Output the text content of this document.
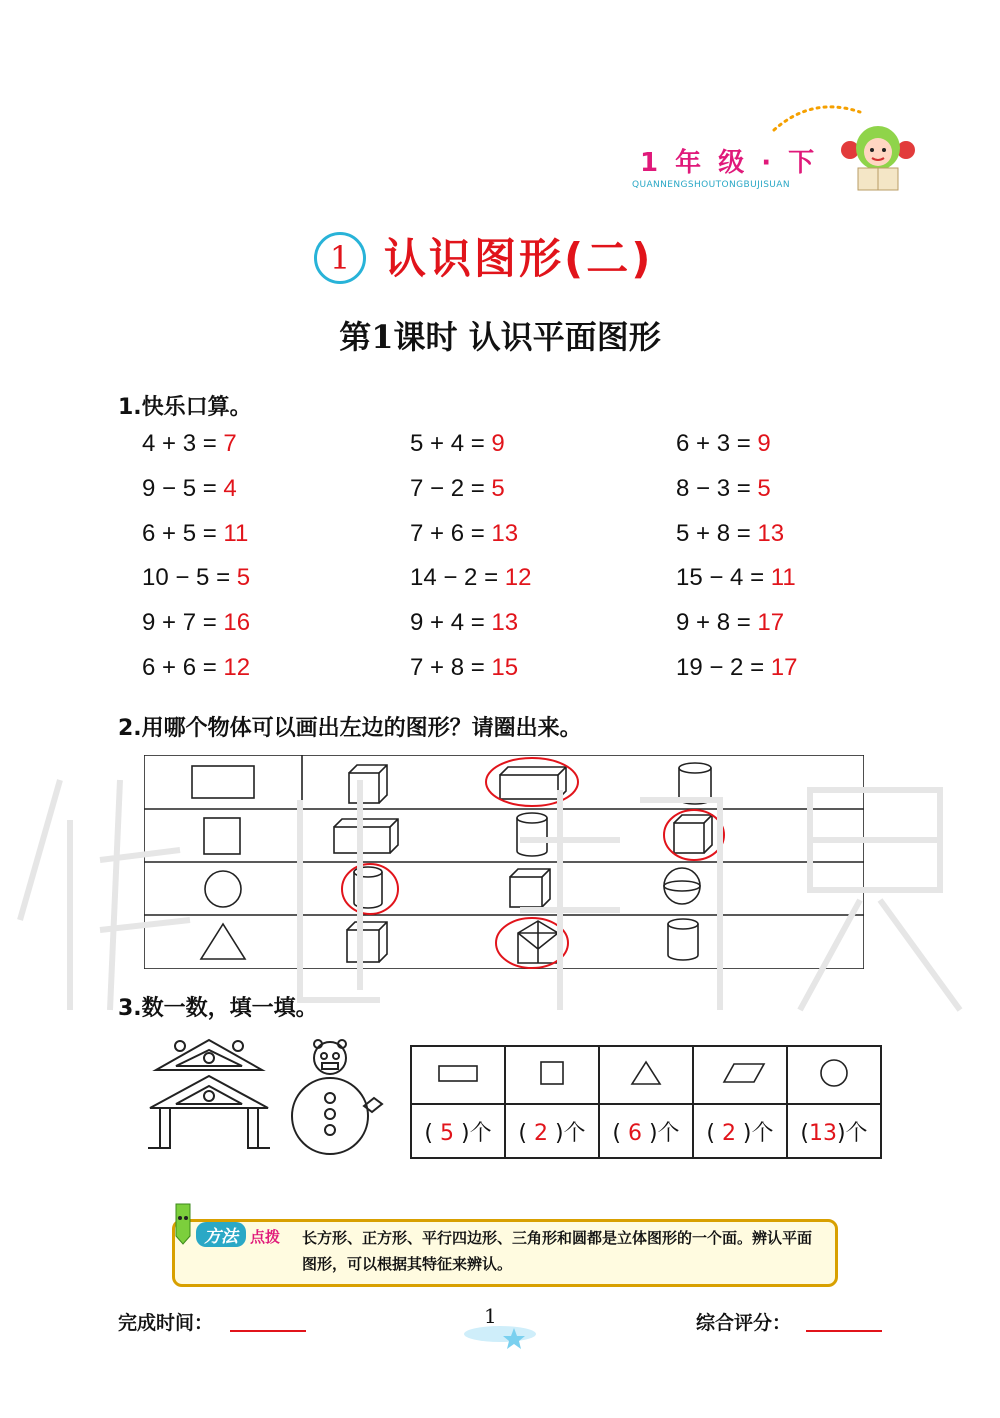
1 年 级 · 下
QUANNENGSHOUTONGBUJISUAN
1 认识图形(二)
第1课时 认识平面图形
1.快乐口算。
4 + 3 = 7	5 + 4 = 9	6 + 3 = 9
9 − 5 = 4	7 − 2 = 5	8 − 3 = 5
6 + 5 = 11	7 + 6 = 13	5 + 8 = 13
10 − 5 = 5	14 − 2 = 12	15 − 4 = 11
9 + 7 = 16	9 + 4 = 13	9 + 8 = 17
6 + 6 = 12	7 + 8 = 15	19 − 2 = 17
2.用哪个物体可以画出左边的图形？请圈出来。
3.数一数，填一填。

( 5 )个	( 2 )个	( 6 )个	( 2 )个	(13)个
方法 点拨 长方形、正方形、平行四边形、三角形和圆都是立体图形的一个面。辨认平面图形，可以根据其特征来辨认。
完成时间：	1	综合评分：
